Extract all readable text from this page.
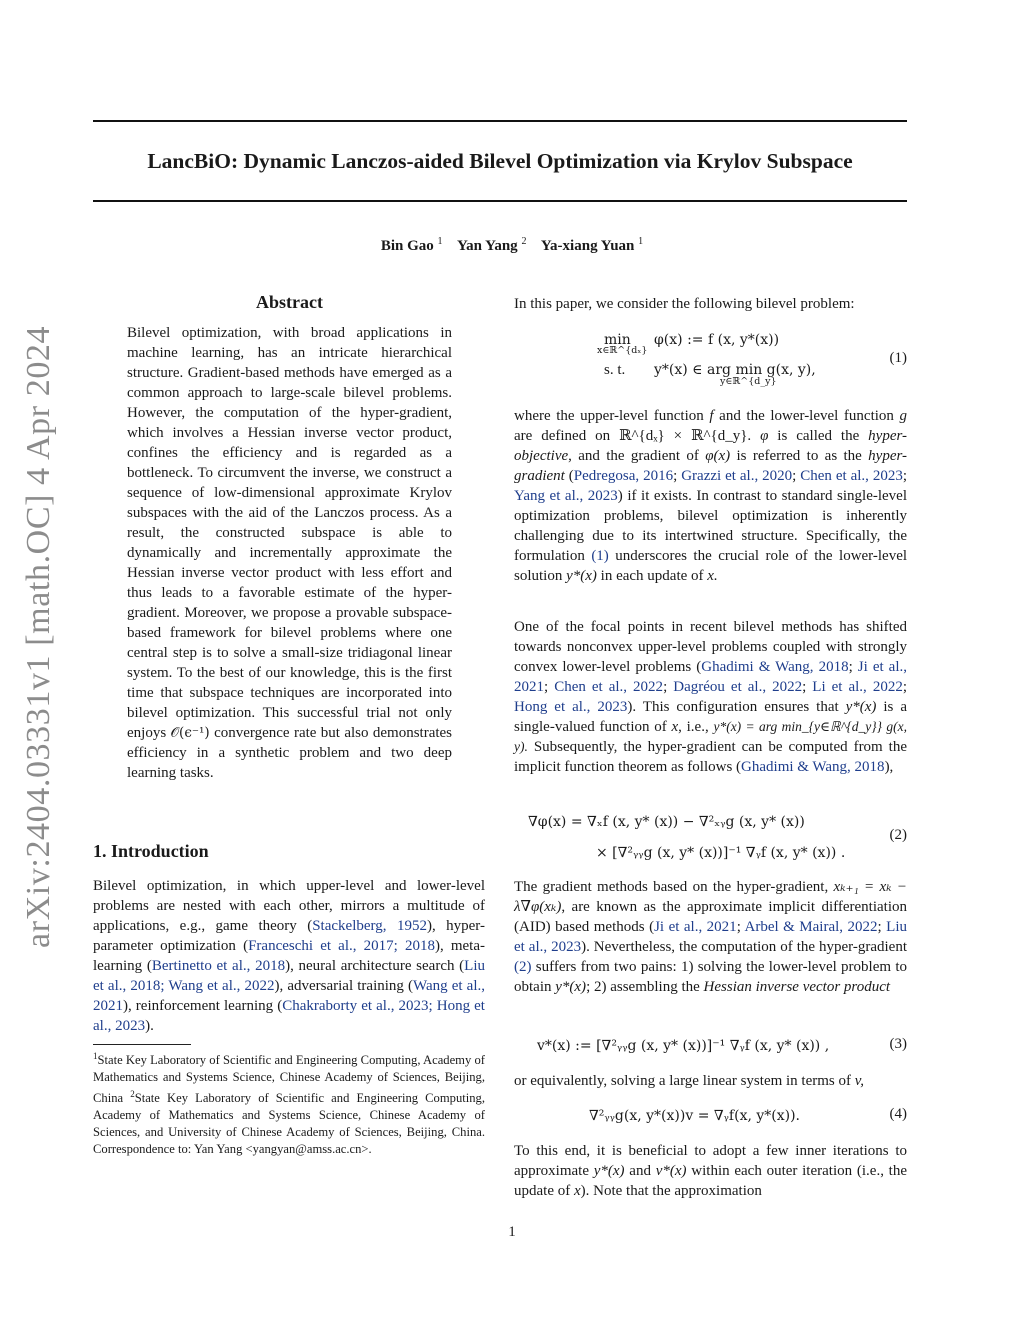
LancBiO: Dynamic Lanczos-aided Bilevel Optimization via Krylov Subspace
Bin Gao $^1$ Yan Yang $^2$ Ya-xiang Yuan $^1$
arXiv:2404.03331v1 [math.OC] 4 Apr 2024
Abstract

Bilevel optimization, with broad applications in machine learning, has an intricate hierarchical structure. Gradient-based methods have emerged as a common approach to large-scale bilevel problems. However, the computation of the hyper-gradient, which involves a Hessian inverse vector product, confines the efficiency and is regarded as a bottleneck. To circumvent the inverse, we construct a sequence of low-dimensional approximate Krylov subspaces with the aid of the Lanczos process. As a result, the constructed subspace is able to dynamically and incrementally approximate the Hessian inverse vector product with less effort and thus leads to a favorable estimate of the hyper-gradient. Moreover, we propose a provable subspace-based framework for bilevel problems where one central step is to solve a small-size tridiagonal linear system. To the best of our knowledge, this is the first time that subspace techniques are incorporated into bilevel optimization. This successful trial not only enjoys 𝒪(ϵ⁻¹) convergence rate but also demonstrates efficiency in a synthetic problem and two deep learning tasks.

1. Introduction

Bilevel optimization, in which upper-level and lower-level problems are nested with each other, mirrors a multitude of applications, e.g., game theory (Stackelberg, 1952), hyper-parameter optimization (Franceschi et al., 2017; 2018), meta-learning (Bertinetto et al., 2018), neural architecture search (Liu et al., 2018; Wang et al., 2022), adversarial training (Wang et al., 2021), reinforcement learning (Chakraborty et al., 2023; Hong et al., 2023).

$^1$State Key Laboratory of Scientific and Engineering Computing, Academy of Mathematics and Systems Science, Chinese Academy of Sciences, Beijing, China $^2$State Key Laboratory of Scientific and Engineering Computing, Academy of Mathematics and Systems Science, Chinese Academy of Sciences, and University of Chinese Academy of Sciences, Beijing, China. Correspondence to: Yan Yang <yangyan@amss.ac.cn>.

In this paper, we consider the following bilevel problem:

min
x∈ℝ^{dₓ}
φ(x) := f (x, y*(x))
s. t. y*(x) ∈ arg min g(x, y),
y∈ℝ^{d_y}
(1)

where the upper-level function f and the lower-level function g are defined on ℝ^{dₓ} × ℝ^{d_y}. φ is called the hyper-objective, and the gradient of φ(x) is referred to as the hyper-gradient (Pedregosa, 2016; Grazzi et al., 2020; Chen et al., 2023; Yang et al., 2023) if it exists. In contrast to standard single-level optimization problems, bilevel optimization is inherently challenging due to its intertwined structure. Specifically, the formulation (1) underscores the crucial role of the lower-level solution y*(x) in each update of x.

One of the focal points in recent bilevel methods has shifted towards nonconvex upper-level problems coupled with strongly convex lower-level problems (Ghadimi & Wang, 2018; Ji et al., 2021; Chen et al., 2022; Dagréou et al., 2022; Li et al., 2022; Hong et al., 2023). This configuration ensures that y*(x) is a single-valued function of x, i.e., y*(x) = arg min_{y∈ℝ^{d_y}} g(x, y). Subsequently, the hyper-gradient can be computed from the implicit function theorem as follows (Ghadimi & Wang, 2018),

∇φ(x) = ∇ₓf (x, y* (x)) − ∇²ₓᵧg (x, y* (x))
× [∇²ᵧᵧg (x, y* (x))]⁻¹ ∇ᵧf (x, y* (x)) .
(2)

The gradient methods based on the hyper-gradient, xₖ₊₁ = xₖ − λ∇φ(xₖ), are known as the approximate implicit differentiation (AID) based methods (Ji et al., 2021; Arbel & Mairal, 2022; Liu et al., 2023). Nevertheless, the computation of the hyper-gradient (2) suffers from two pains: 1) solving the lower-level problem to obtain y*(x); 2) assembling the Hessian inverse vector product

v*(x) := [∇²ᵧᵧg (x, y* (x))]⁻¹ ∇ᵧf (x, y* (x)) ,	(3)

or equivalently, solving a large linear system in terms of v,

∇²ᵧᵧg(x, y*(x))v = ∇ᵧf(x, y*(x)).	(4)

To this end, it is beneficial to adopt a few inner iterations to approximate y*(x) and v*(x) within each outer iteration (i.e., the update of x). Note that the approximation

1
